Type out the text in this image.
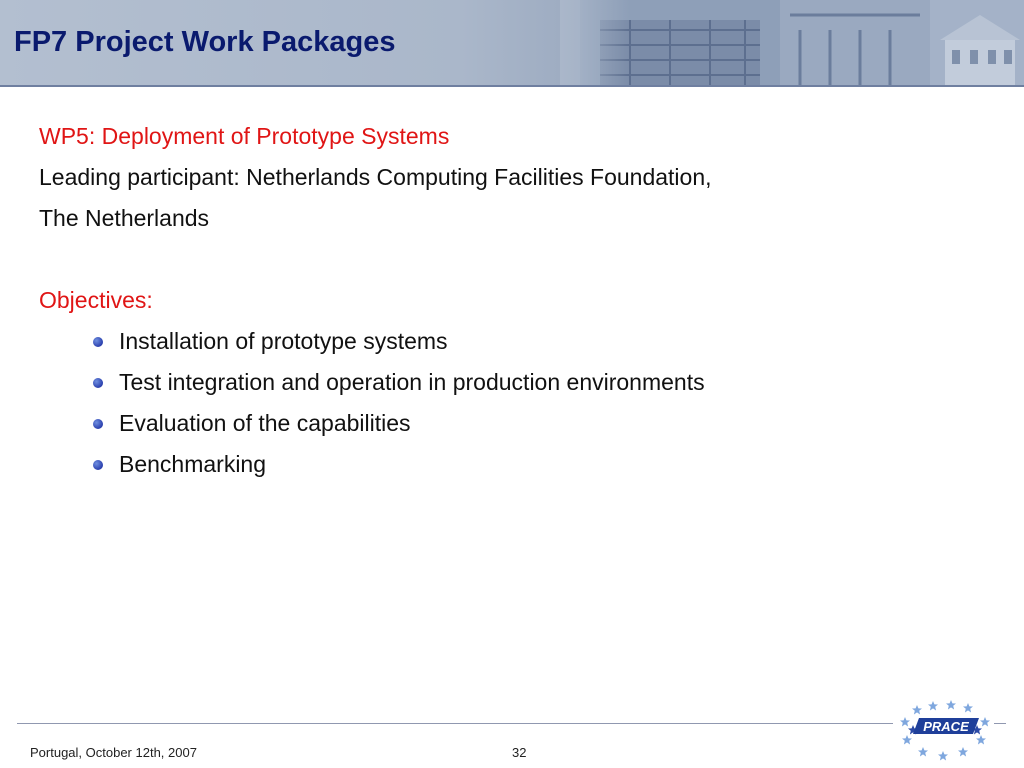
FP7 Project Work Packages
WP5: Deployment of Prototype Systems
Leading participant: Netherlands Computing Facilities Foundation,
The Netherlands
Objectives:
Installation of prototype systems
Test integration and operation in production environments
Evaluation of the capabilities
Benchmarking
Portugal, October 12th, 2007	32
PRACE
